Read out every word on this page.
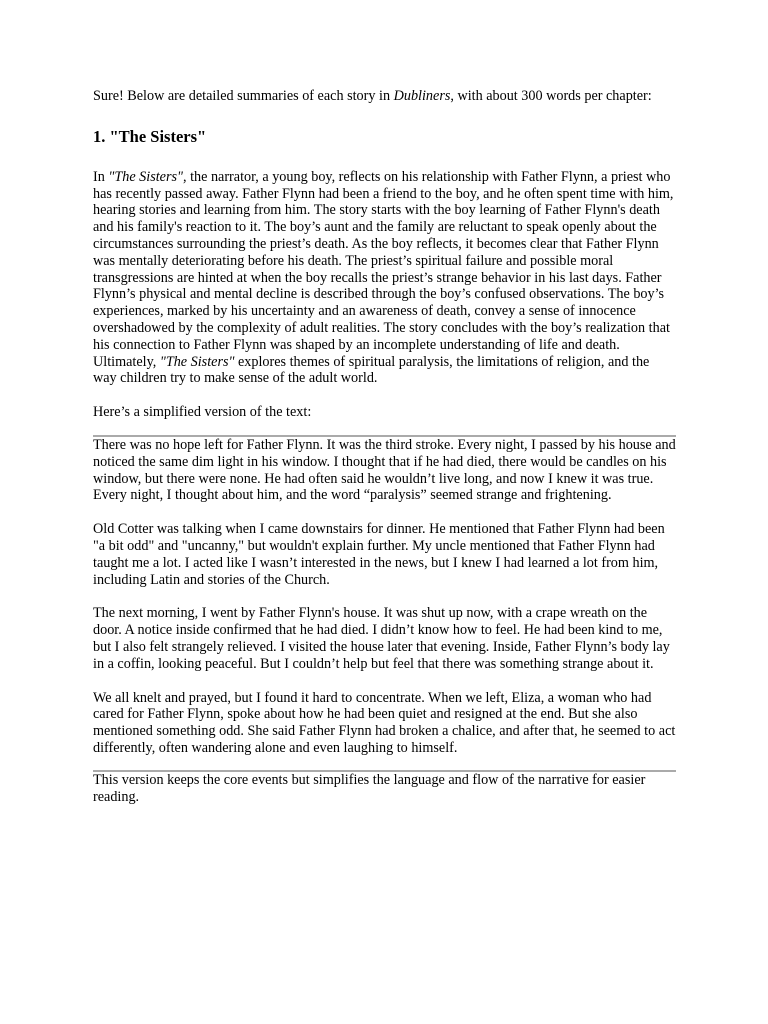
Sure! Below are detailed summaries of each story in Dubliners, with about 300 words per chapter:

1. "The Sisters"

In "The Sisters", the narrator, a young boy, reflects on his relationship with Father Flynn, a priest who has recently passed away. Father Flynn had been a friend to the boy, and he often spent time with him, hearing stories and learning from him. The story starts with the boy learning of Father Flynn's death and his family's reaction to it. The boy’s aunt and the family are reluctant to speak openly about the circumstances surrounding the priest’s death. As the boy reflects, it becomes clear that Father Flynn was mentally deteriorating before his death. The priest’s spiritual failure and possible moral transgressions are hinted at when the boy recalls the priest’s strange behavior in his last days. Father Flynn’s physical and mental decline is described through the boy’s confused observations. The boy’s experiences, marked by his uncertainty and an awareness of death, convey a sense of innocence overshadowed by the complexity of adult realities. The story concludes with the boy’s realization that his connection to Father Flynn was shaped by an incomplete understanding of life and death. Ultimately, "The Sisters" explores themes of spiritual paralysis, the limitations of religion, and the way children try to make sense of the adult world.

Here’s a simplified version of the text:

There was no hope left for Father Flynn. It was the third stroke. Every night, I passed by his house and noticed the same dim light in his window. I thought that if he had died, there would be candles on his window, but there were none. He had often said he wouldn’t live long, and now I knew it was true. Every night, I thought about him, and the word “paralysis” seemed strange and frightening.

Old Cotter was talking when I came downstairs for dinner. He mentioned that Father Flynn had been "a bit odd" and "uncanny," but wouldn't explain further. My uncle mentioned that Father Flynn had taught me a lot. I acted like I wasn’t interested in the news, but I knew I had learned a lot from him, including Latin and stories of the Church.

The next morning, I went by Father Flynn's house. It was shut up now, with a crape wreath on the door. A notice inside confirmed that he had died. I didn’t know how to feel. He had been kind to me, but I also felt strangely relieved. I visited the house later that evening. Inside, Father Flynn’s body lay in a coffin, looking peaceful. But I couldn’t help but feel that there was something strange about it.

We all knelt and prayed, but I found it hard to concentrate. When we left, Eliza, a woman who had cared for Father Flynn, spoke about how he had been quiet and resigned at the end. But she also mentioned something odd. She said Father Flynn had broken a chalice, and after that, he seemed to act differently, often wandering alone and even laughing to himself.

This version keeps the core events but simplifies the language and flow of the narrative for easier reading.
